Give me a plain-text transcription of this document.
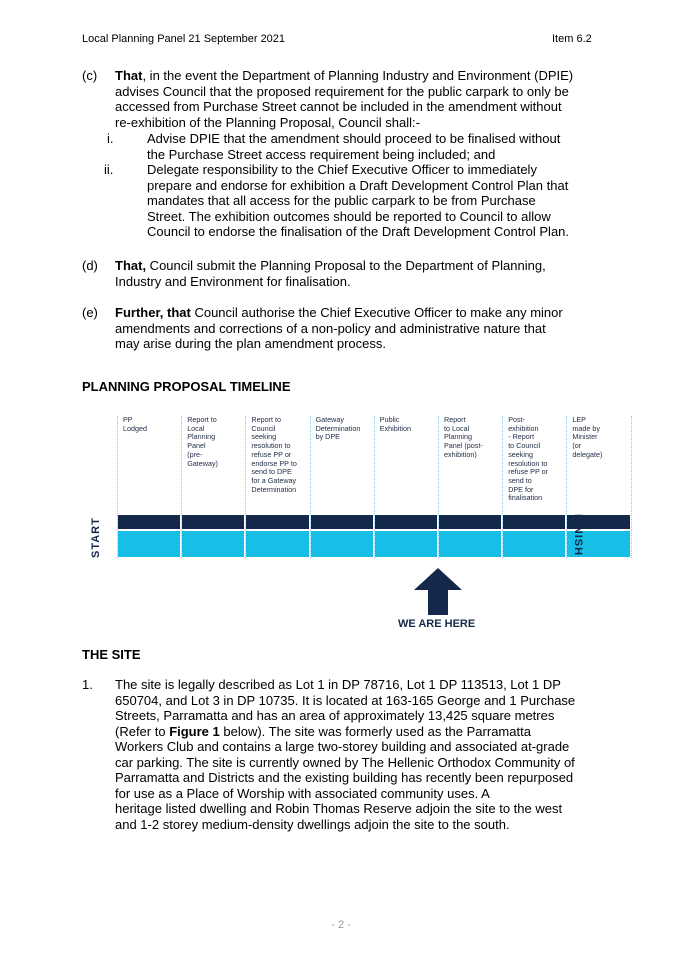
Local Planning Panel 21 September 2021	Item 6.2
(c) That, in the event the Department of Planning Industry and Environment (DPIE)
advises Council that the proposed requirement for the public carpark to only be
accessed from Purchase Street cannot be included in the amendment without
re-exhibition of the Planning Proposal, Council shall:-
i.	Advise DPIE that the amendment should proceed to be finalised without
the Purchase Street access requirement being included; and
ii.	Delegate responsibility to the Chief Executive Officer to immediately
prepare and endorse for exhibition a Draft Development Control Plan that
mandates that all access for the public carpark to be from Purchase
Street. The exhibition outcomes should be reported to Council to allow
Council to endorse the finalisation of the Draft Development Control Plan.
(d) That, Council submit the Planning Proposal to the Department of Planning,
Industry and Environment for finalisation.
(e) Further, that Council authorise the Chief Executive Officer to make any minor
amendments and corrections of a non-policy and administrative nature that
may arise during the plan amendment process.
PLANNING PROPOSAL TIMELINE
PP
Lodged
Report to
Local
Planning
Panel
(pre-
Gateway)
Report to
Council
seeking
resolution to
refuse PP or
endorse PP to
send to DPE
for a Gateway
Determination
Gateway
Determination
by DPE
Public
Exhibition
Report
to Local
Planning
Panel (post-
exhibition)
Post-
exhibition
- Report
to Council
seeking
resolution to
refuse PP or
send to
DPE for
finalisation
LEP
made by
Minister
(or
delegate)
START	FINISH
WE ARE HERE
THE SITE
1. The site is legally described as Lot 1 in DP 78716, Lot 1 DP 113513, Lot 1 DP
650704, and Lot 3 in DP 10735. It is located at 163-165 George and 1 Purchase
Streets, Parramatta and has an area of approximately 13,425 square metres
(Refer to Figure 1 below). The site was formerly used as the Parramatta
Workers Club and contains a large two-storey building and associated at-grade
car parking. The site is currently owned by The Hellenic Orthodox Community of
Parramatta and Districts and the existing building has recently been repurposed
for use as a Place of Worship with associated community uses. A
heritage listed dwelling and Robin Thomas Reserve adjoin the site to the west
and 1-2 storey medium-density dwellings adjoin the site to the south.
- 2 -
